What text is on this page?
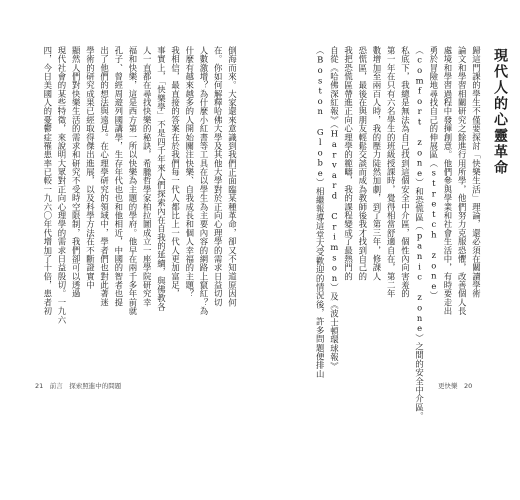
倒海而來。大家還來意識到我們正面臨某種革命，卻又不知道原因何
在。你如何解釋哈佛大學及其他大學對於正向心理學的需求日益切切
人數激增？為什麼小紅書等工具在以學生為主要內容的網路上竄紅？為
什麼有越來越多的人開始關注快樂、自我成長和個人幸福的主題？
我相信，最直接的答案在於我們每一代人都比上一代人更加富足，
事實上，「快樂學」不是四千年來人們探索內在自我的延續，與佛教各
人一直都在尋找快樂的秘訣，希臘哲學家柏拉圖成立一座學院研究幸
福和快樂，這是西方第一所以快樂為主題的學府。他早在兩千多年前就
孔子、曾經周遊列國講學，生存年代也也和他相近，中國的智者也提
出了他們的想法與遠見。在心理學研究的領域中，學者們也對此著迷
學術的研究成果已經取得傑出進展，以及科學方法在不斷證實中
顯然人們對快樂生活的需求和研究不受時空限制，我們卻可以透過
現代社會的某些特徵，來說明大眾對正向心理學的需求日益殷切。一九六
四，今日美國人的憂鬱症罹患率已較一九六〇年代增加了十倍，患者初
21　前言　探索照進中的問題
現代人的心靈革命
歸這門課的學生不僅要探討「快樂生活」理論，還必須在關讀學術
論文和學習相關研究之餘進行用所學，他們努力克服恐懼，改善個人長
處境和學習過程中發揮創意。他們參與學業和社會生活中，有時要走出
勇於冒險地尋找自己的伸展區（stretch zone）
（comfort zone）和恐慌區（panic zone）之間的安全中介區。
私底下，我總是無法為自己找到這個安全中介區，個性內向害羞的
第一年在只有六名學生的班級授課時，覺得相當舒適自在，第二年
數增加至兩百人時，我的壓力陡然加劇，到了第三年，修課人
恐慌區，最後在與朋友輕鬆交談而成為教師後我才找到自己的
我把恐慌區帶進正向心理學的範疇，我的課程變成了最熱門的
自從《哈佛深紅報》（Harvard Crimson）及《波士頓環球報》
（Boston Globe）相繼報導這堂大受歡迎的情況後，許多問題便排山
更快樂　20
